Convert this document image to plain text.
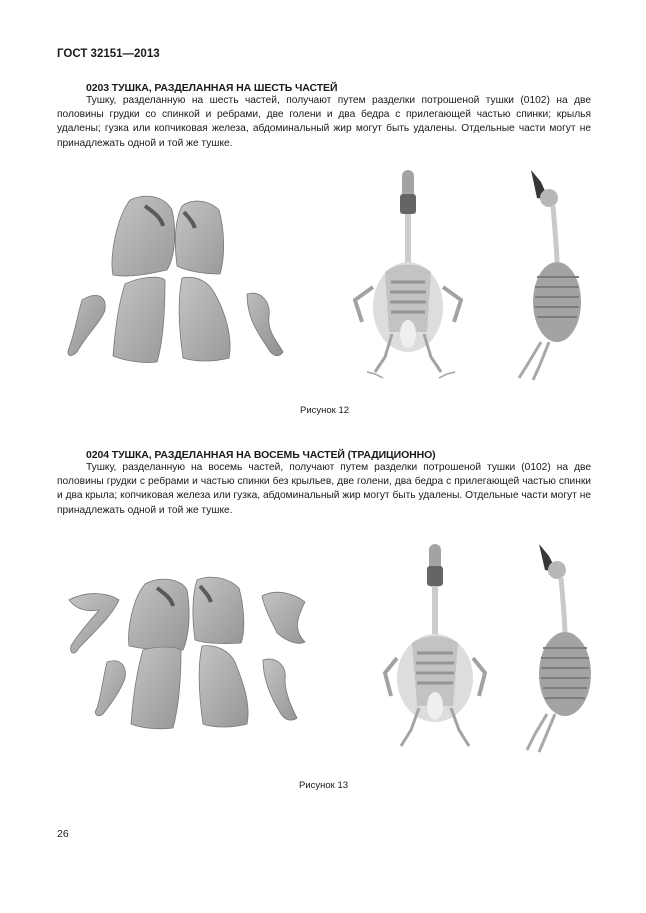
ГОСТ 32151—2013
0203 ТУШКА, РАЗДЕЛАННАЯ НА ШЕСТЬ ЧАСТЕЙ

Тушку, разделанную на шесть частей, получают путем разделки потрошеной тушки (0102) на две половины грудки со спинкой и ребрами, две голени и два бедра с прилегающей частью спинки; крылья удалены; гузка или копчиковая железа, абдоминальный жир могут быть удалены. Отдельные части могут не принадлежать одной и той же тушке.

Рисунок 12
0204 ТУШКА, РАЗДЕЛАННАЯ НА ВОСЕМЬ ЧАСТЕЙ (ТРАДИЦИОННО)

Тушку, разделанную на восемь частей, получают путем разделки потрошеной тушки (0102) на две половины грудки с ребрами и частью спинки без крыльев, две голени, два бедра с прилегающей частью спинки и два крыла; копчиковая железа или гузка, абдоминальный жир могут быть удалены. Отдельные части могут не принадлежать одной и той же тушке.

Рисунок 13
26
